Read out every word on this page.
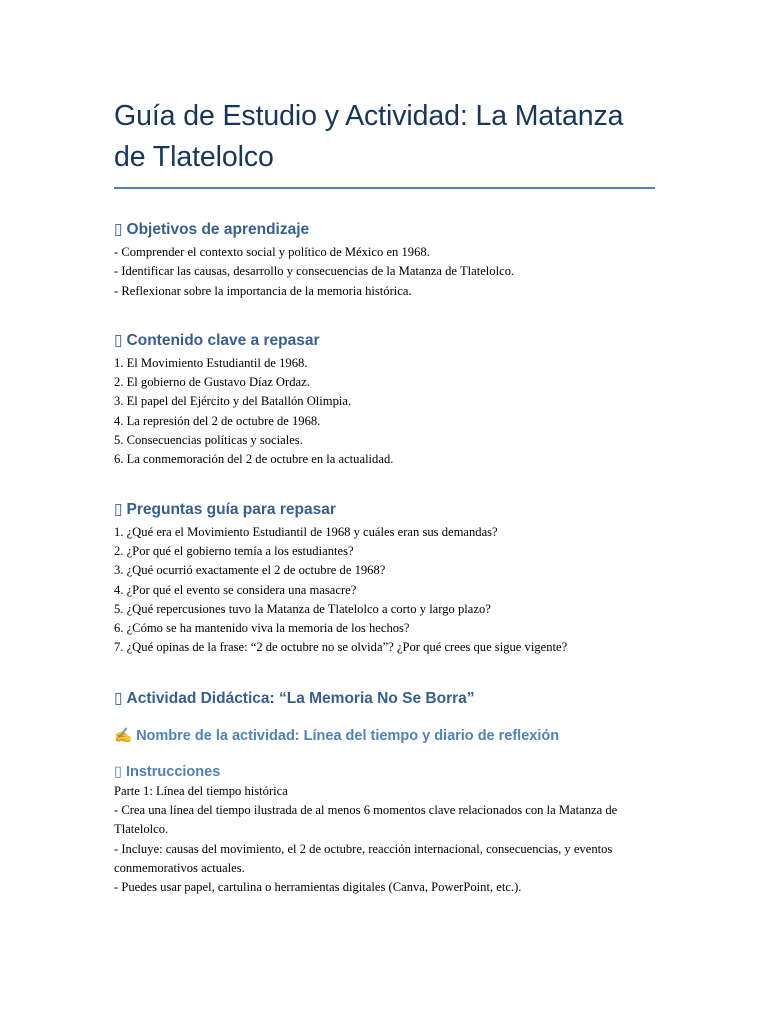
Guía de Estudio y Actividad: La Matanza de Tlatelolco
▯ Objetivos de aprendizaje
- Comprender el contexto social y político de México en 1968.
- Identificar las causas, desarrollo y consecuencias de la Matanza de Tlatelolco.
- Reflexionar sobre la importancia de la memoria histórica.
▯ Contenido clave a repasar
1. El Movimiento Estudiantil de 1968.
2. El gobierno de Gustavo Díaz Ordaz.
3. El papel del Ejército y del Batallón Olimpia.
4. La represión del 2 de octubre de 1968.
5. Consecuencias políticas y sociales.
6. La conmemoración del 2 de octubre en la actualidad.
▯ Preguntas guía para repasar
1. ¿Qué era el Movimiento Estudiantil de 1968 y cuáles eran sus demandas?
2. ¿Por qué el gobierno temía a los estudiantes?
3. ¿Qué ocurrió exactamente el 2 de octubre de 1968?
4. ¿Por qué el evento se considera una masacre?
5. ¿Qué repercusiones tuvo la Matanza de Tlatelolco a corto y largo plazo?
6. ¿Cómo se ha mantenido viva la memoria de los hechos?
7. ¿Qué opinas de la frase: “2 de octubre no se olvida”? ¿Por qué crees que sigue vigente?
▯ Actividad Didáctica: “La Memoria No Se Borra”
✍ Nombre de la actividad: Línea del tiempo y diario de reflexión
▯ Instrucciones
Parte 1: Línea del tiempo histórica
- Crea una línea del tiempo ilustrada de al menos 6 momentos clave relacionados con la Matanza de Tlatelolco.
- Incluye: causas del movimiento, el 2 de octubre, reacción internacional, consecuencias, y eventos conmemorativos actuales.
- Puedes usar papel, cartulina o herramientas digitales (Canva, PowerPoint, etc.).
